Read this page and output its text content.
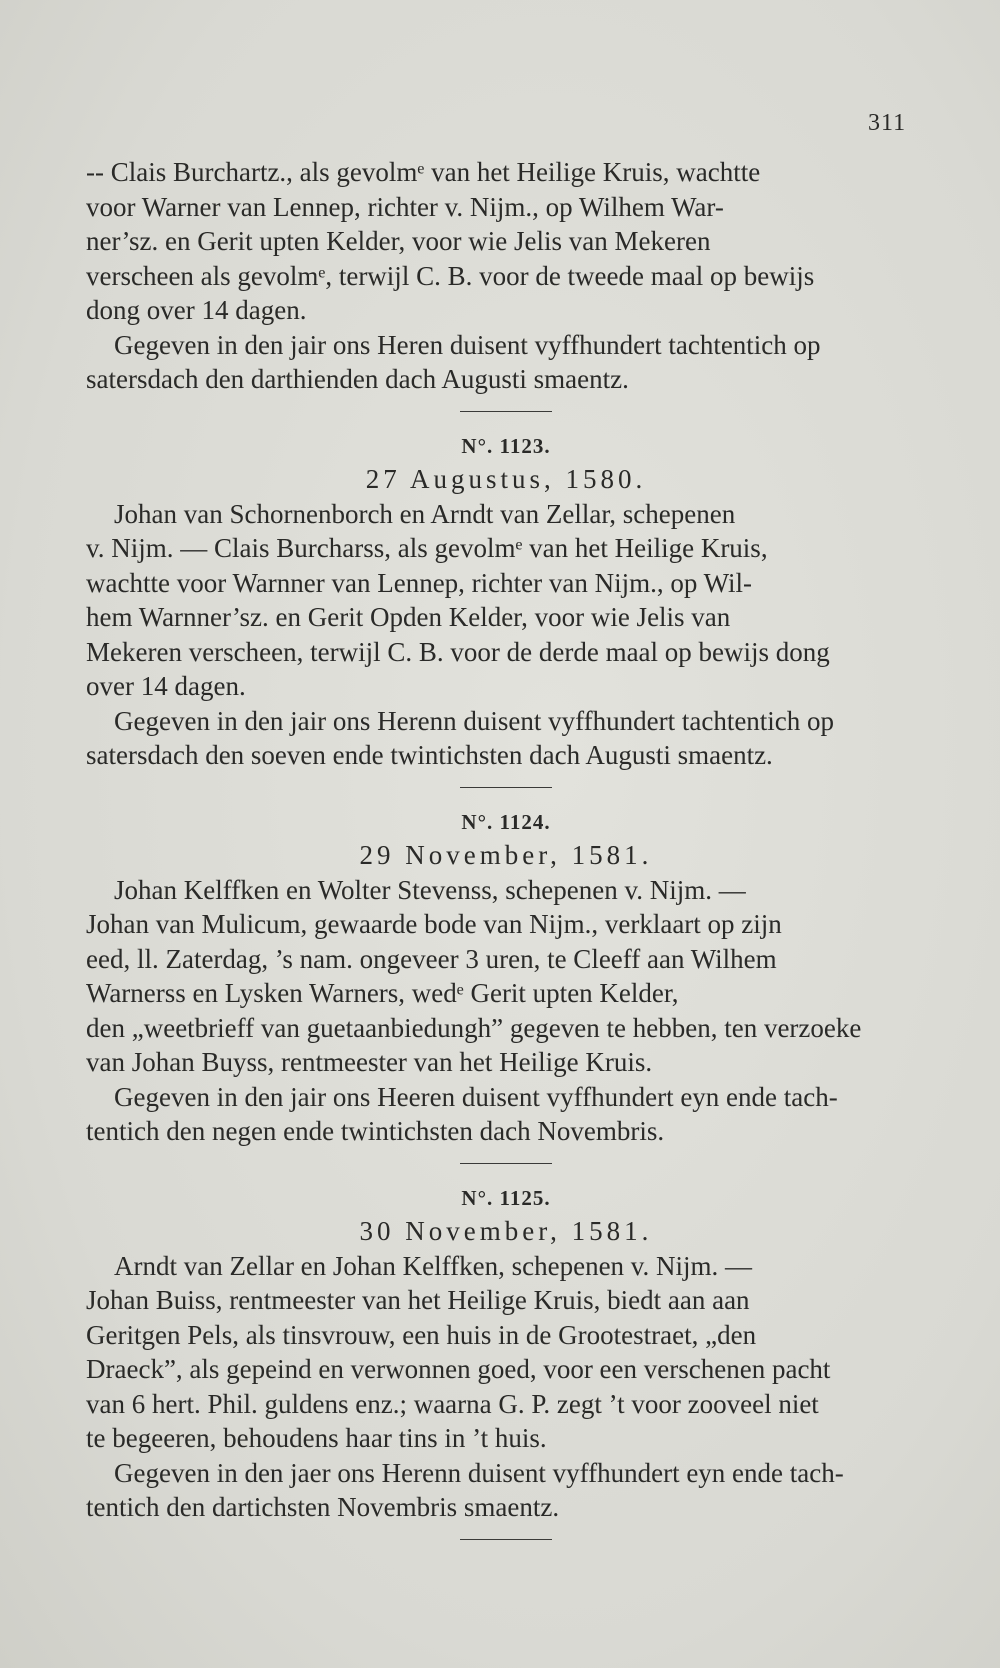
311

-- Clais Burchartz., als gevolmᵉ van het Heilige Kruis, wachtte

voor Warner van Lennep, richter v. Nijm., op Wilhem War-

ner’sz. en Gerit upten Kelder, voor wie Jelis van Mekeren

verscheen als gevolmᵉ, terwijl C. B. voor de tweede maal op bewijs

dong over 14 dagen.

Gegeven in den jair ons Heren duisent vyffhundert tachtentich op

satersdach den darthienden dach Augusti smaentz.

N°. 1123.
27 Augustus, 1580.

Johan van Schornenborch en Arndt van Zellar, schepenen

v. Nijm. — Clais Burcharss, als gevolmᵉ van het Heilige Kruis,

wachtte voor Warnner van Lennep, richter van Nijm., op Wil-

hem Warnner’sz. en Gerit Opden Kelder, voor wie Jelis van

Mekeren verscheen, terwijl C. B. voor de derde maal op bewijs dong

over 14 dagen.

Gegeven in den jair ons Herenn duisent vyffhundert tachtentich op

satersdach den soeven ende twintichsten dach Augusti smaentz.

N°. 1124.
29 November, 1581.

Johan Kelffken en Wolter Stevenss, schepenen v. Nijm. —

Johan van Mulicum, gewaarde bode van Nijm., verklaart op zijn

eed, ll. Zaterdag, ’s nam. ongeveer 3 uren, te Cleeff aan Wilhem

Warnerss en Lysken Warners, wedᵉ Gerit upten Kelder,

den „weetbrieff van guetaanbiedungh” gegeven te hebben, ten verzoeke

van Johan Buyss, rentmeester van het Heilige Kruis.

Gegeven in den jair ons Heeren duisent vyffhundert eyn ende tach-

tentich den negen ende twintichsten dach Novembris.

N°. 1125.
30 November, 1581.

Arndt van Zellar en Johan Kelffken, schepenen v. Nijm. —

Johan Buiss, rentmeester van het Heilige Kruis, biedt aan aan

Geritgen Pels, als tinsvrouw, een huis in de Grootestraet, „den

Draeck”, als gepeind en verwonnen goed, voor een verschenen pacht

van 6 hert. Phil. guldens enz.; waarna G. P. zegt ’t voor zooveel niet

te begeeren, behoudens haar tins in ’t huis.

Gegeven in den jaer ons Herenn duisent vyffhundert eyn ende tach-

tentich den dartichsten Novembris smaentz.
